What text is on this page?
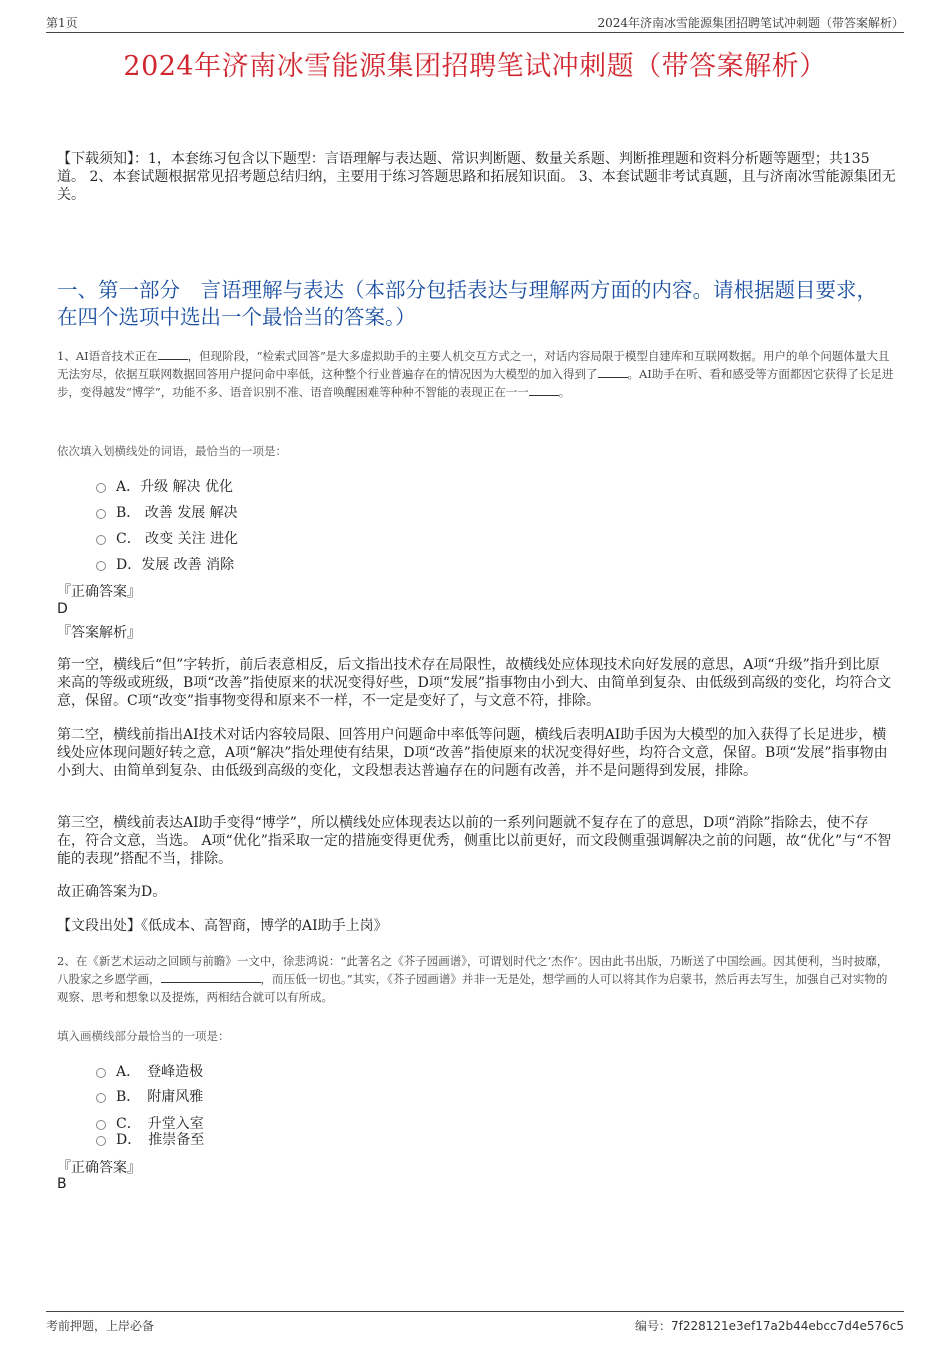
第1页	2024年济南冰雪能源集团招聘笔试冲刺题（带答案解析）
2024年济南冰雪能源集团招聘笔试冲刺题（带答案解析）
【下载须知】：1，本套练习包含以下题型：言语理解与表达题、常识判断题、数量关系题、判断推理题和资料分析题等题型；共135道。 2、本套试题根据常见招考题总结归纳，主要用于练习答题思路和拓展知识面。 3、本套试题非考试真题，且与济南冰雪能源集团无关。
一、第一部分　言语理解与表达（本部分包括表达与理解两方面的内容。请根据题目要求，在四个选项中选出一个最恰当的答案。）
1、AI语音技术正在	，但现阶段，“检索式回答”是大多虚拟助手的主要人机交互方式之一，对话内容局限于模型自建库和互联网数据。用户的单个问题体量大且无法穷尽，依据互联网数据回答用户提问命中率低，这种整个行业普遍存在的情况因为大模型的加入得到了	。AI助手在听、看和感受等方面都因它获得了长足进步，变得越发“博学”，功能不多、语音识别不准、语音唤醒困难等种种不智能的表现正在一一	。
依次填入划横线处的词语，最恰当的一项是：
A．升级 解决 优化
B． 改善 发展 解决
C． 改变 关注 进化
D．发展 改善 消除
『正确答案』
D
『答案解析』
第一空，横线后“但”字转折，前后表意相反，后文指出技术存在局限性，故横线处应体现技术向好发展的意思，A项“升级”指升到比原来高的等级或班级，B项“改善”指使原来的状况变得好些，D项“发展”指事物由小到大、由简单到复杂、由低级到高级的变化，均符合文意，保留。C项“改变”指事物变得和原来不一样，不一定是变好了，与文意不符，排除。
第二空，横线前指出AI技术对话内容较局限、回答用户问题命中率低等问题，横线后表明AI助手因为大模型的加入获得了长足进步，横线处应体现问题好转之意，A项“解决”指处理使有结果，D项“改善”指使原来的状况变得好些，均符合文意，保留。B项“发展”指事物由小到大、由简单到复杂、由低级到高级的变化，文段想表达普遍存在的问题有改善，并不是问题得到发展，排除。
第三空，横线前表达AI助手变得“博学”，所以横线处应体现表达以前的一系列问题就不复存在了的意思，D项“消除”指除去，使不存在，符合文意，当选。 A项“优化”指采取一定的措施变得更优秀，侧重比以前更好，而文段侧重强调解决之前的问题，故“优化”与“不智能的表现”搭配不当，排除。
故正确答案为D。
【文段出处】《低成本、高智商，博学的AI助手上岗》
2、在《新艺术运动之回顾与前瞻》一文中，徐悲鸿说：“此著名之《芥子园画谱》，可谓划时代之‘杰作’。因由此书出版，乃断送了中国绘画。因其便利，当时披靡，八股家之乡愿学画，	，而压低一切也。”其实，《芥子园画谱》并非一无是处，想学画的人可以将其作为启蒙书，然后再去写生，加强自己对实物的观察、思考和想象以及提炼，两相结合就可以有所成。
填入画横线部分最恰当的一项是：
A．　登峰造极
B．　附庸风雅
C．　升堂入室
D．　推崇备至
『正确答案』
B
考前押题，上岸必备	编号：7f228121e3ef17a2b44ebcc7d4e576c5
